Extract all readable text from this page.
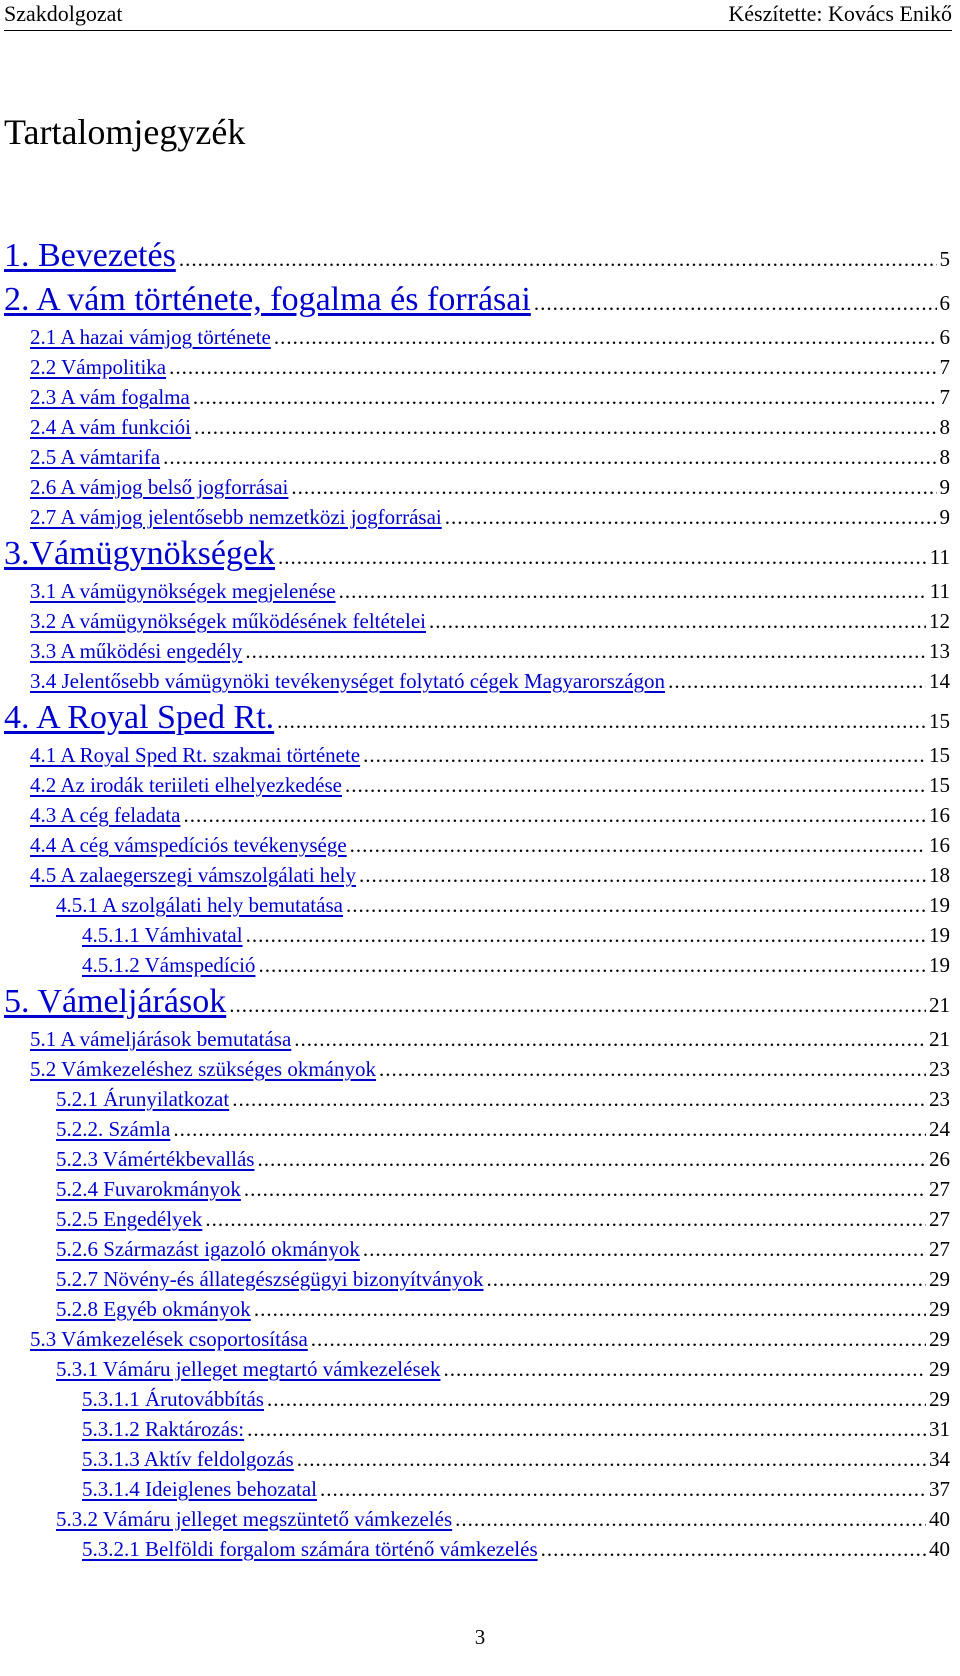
Szakdolgozat	Készítette: Kovács Enikő
Tartalomjegyzék
1. Bevezetés .....	5
2. A vám története, fogalma és forrásai .....	6
2.1 A hazai vámjog története .....	6
2.2 Vámpolitika .....	7
2.3 A vám fogalma .....	7
2.4 A vám funkciói .....	8
2.5 A vámtarifa .....	8
2.6 A vámjog belső jogforrásai .....	9
2.7 A vámjog jelentősebb nemzetközi jogforrásai .....	9
3.Vámügynökségek .....	11
3.1 A vámügynökségek megjelenése .....	11
3.2 A vámügynökségek működésének feltételei .....	12
3.3 A működési engedély .....	13
3.4 Jelentősebb vámügynöki tevékenységet folytató cégek Magyarországon .....	14
4. A Royal Sped Rt. .....	15
4.1 A Royal Sped Rt. szakmai története .....	15
4.2 Az irodák teriileti elhelyezkedése .....	15
4.3 A cég feladata .....	16
4.4 A cég vámspedíciós tevékenysége .....	16
4.5 A zalaegerszegi vámszolgálati hely .....	18
4.5.1 A szolgálati hely bemutatása .....	19
4.5.1.1 Vámhivatal .....	19
4.5.1.2 Vámspedíció .....	19
5. Vámeljárások .....	21
5.1 A vámeljárások bemutatása .....	21
5.2 Vámkezeléshez szükséges okmányok .....	23
5.2.1 Árunyilatkozat .....	23
5.2.2. Számla .....	24
5.2.3 Vámértékbevallás .....	26
5.2.4 Fuvarokmányok .....	27
5.2.5 Engedélyek .....	27
5.2.6 Származást igazoló okmányok .....	27
5.2.7 Növény-és állategészségügyi bizonyítványok .....	29
5.2.8 Egyéb okmányok .....	29
5.3 Vámkezelések csoportosítása .....	29
5.3.1 Vámáru jelleget megtartó vámkezelések .....	29
5.3.1.1 Árutovábbítás .....	29
5.3.1.2 Raktározás: .....	31
5.3.1.3 Aktív feldolgozás .....	34
5.3.1.4 Ideiglenes behozatal .....	37
5.3.2 Vámáru jelleget megszüntető vámkezelés .....	40
5.3.2.1 Belföldi forgalom számára történő vámkezelés .....	40
3
